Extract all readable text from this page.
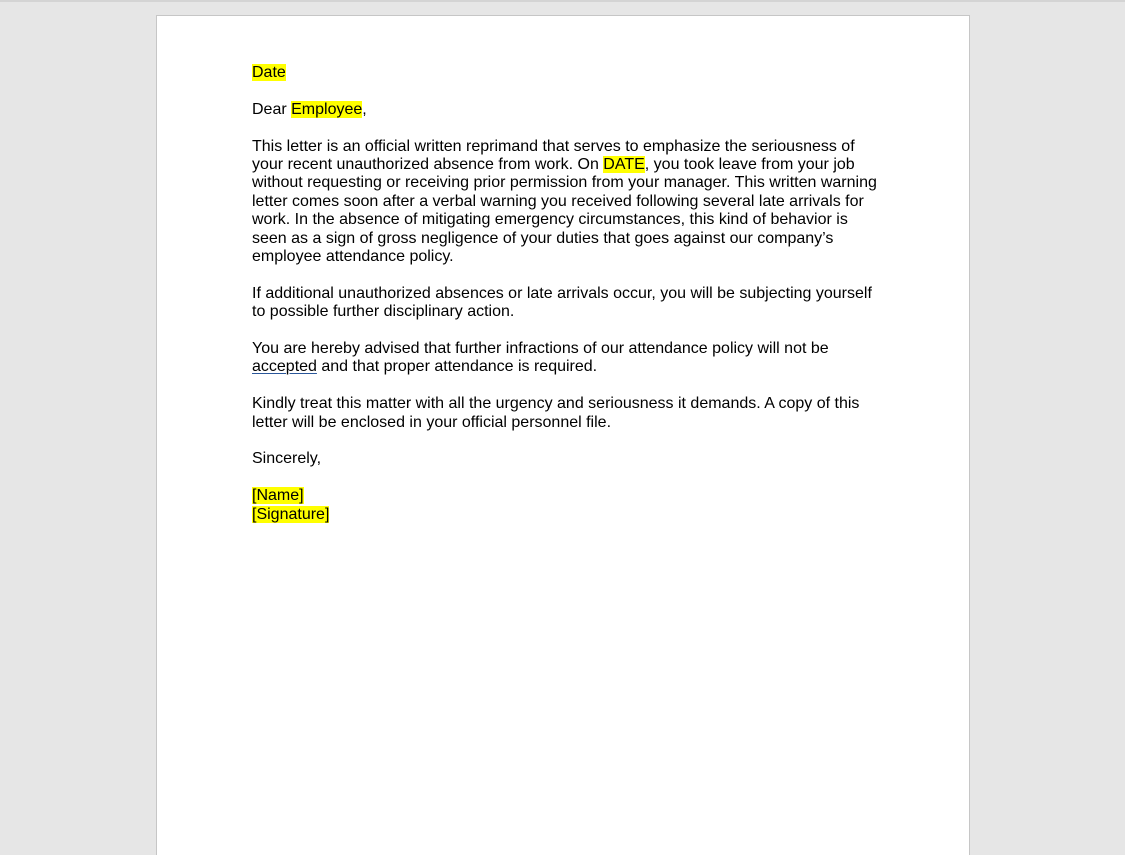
Date

Dear Employee,

This letter is an official written reprimand that serves to emphasize the seriousness of your recent unauthorized absence from work. On DATE, you took leave from your job without requesting or receiving prior permission from your manager. This written warning letter comes soon after a verbal warning you received following several late arrivals for work. In the absence of mitigating emergency circumstances, this kind of behavior is seen as a sign of gross negligence of your duties that goes against our company’s employee attendance policy.

If additional unauthorized absences or late arrivals occur, you will be subjecting yourself to possible further disciplinary action.

You are hereby advised that further infractions of our attendance policy will not be accepted and that proper attendance is required.

Kindly treat this matter with all the urgency and seriousness it demands. A copy of this letter will be enclosed in your official personnel file.

Sincerely,

[Name]

[Signature]
